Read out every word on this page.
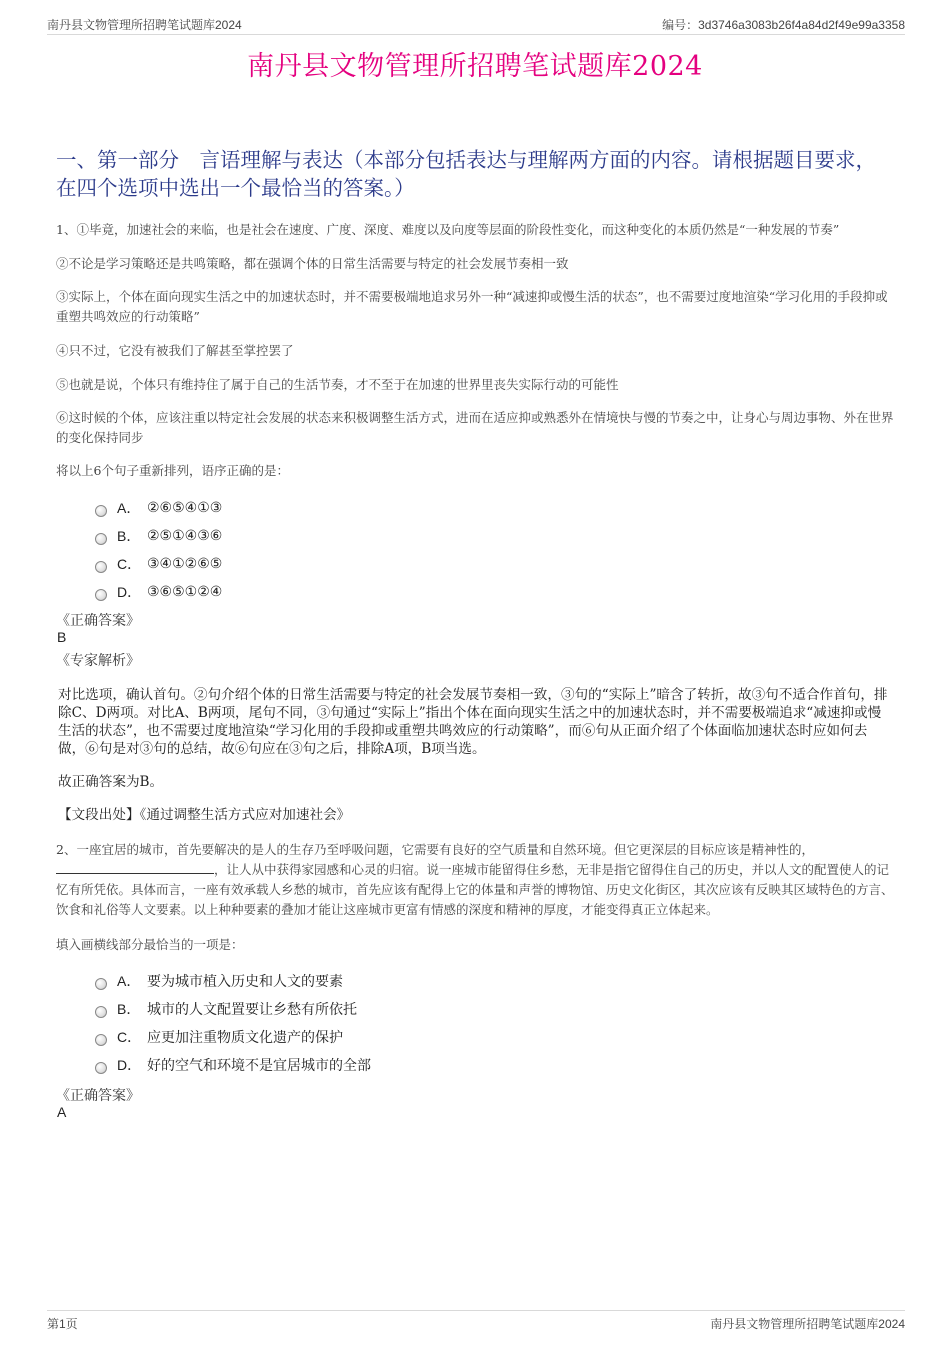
南丹县文物管理所招聘笔试题库2024	编号：3d3746a3083b26f4a84d2f49e99a3358
南丹县文物管理所招聘笔试题库2024
一、第一部分　言语理解与表达（本部分包括表达与理解两方面的内容。请根据题目要求，在四个选项中选出一个最恰当的答案。）
1、①毕竟，加速社会的来临，也是社会在速度、广度、深度、难度以及向度等层面的阶段性变化，而这种变化的本质仍然是“一种发展的节奏”
②不论是学习策略还是共鸣策略，都在强调个体的日常生活需要与特定的社会发展节奏相一致
③实际上，个体在面向现实生活之中的加速状态时，并不需要极端地追求另外一种“减速抑或慢生活的状态”，也不需要过度地渲染“学习化用的手段抑或重塑共鸣效应的行动策略”
④只不过，它没有被我们了解甚至掌控罢了
⑤也就是说，个体只有维持住了属于自己的生活节奏，才不至于在加速的世界里丧失实际行动的可能性
⑥这时候的个体，应该注重以特定社会发展的状态来积极调整生活方式，进而在适应抑或熟悉外在情境快与慢的节奏之中，让身心与周边事物、外在世界的变化保持同步
将以上6个句子重新排列，语序正确的是：
A． ②⑥⑤④①③
B． ②⑤①④③⑥
C． ③④①②⑥⑤
D． ③⑥⑤①②④
《正确答案》
B
《专家解析》
对比选项，确认首句。②句介绍个体的日常生活需要与特定的社会发展节奏相一致，③句的“实际上”暗含了转折，故③句不适合作首句，排除C、D两项。对比A、B两项，尾句不同，③句通过“实际上”指出个体在面向现实生活之中的加速状态时，并不需要极端追求“减速抑或慢生活的状态”，也不需要过度地渲染“学习化用的手段抑或重塑共鸣效应的行动策略”，而⑥句从正面介绍了个体面临加速状态时应如何去做，⑥句是对③句的总结，故⑥句应在③句之后，排除A项，B项当选。
故正确答案为B。
【文段出处】《通过调整生活方式应对加速社会》
2、一座宜居的城市，首先要解决的是人的生存乃至呼吸问题，它需要有良好的空气质量和自然环境。但它更深层的目标应该是精神性的，，让人从中获得家园感和心灵的归宿。说一座城市能留得住乡愁，无非是指它留得住自己的历史，并以人文的配置使人的记忆有所凭依。具体而言，一座有效承载人乡愁的城市，首先应该有配得上它的体量和声誉的博物馆、历史文化街区，其次应该有反映其区域特色的方言、饮食和礼俗等人文要素。以上种种要素的叠加才能让这座城市更富有情感的深度和精神的厚度，才能变得真正立体起来。
填入画横线部分最恰当的一项是：
A． 要为城市植入历史和人文的要素
B． 城市的人文配置要让乡愁有所依托
C． 应更加注重物质文化遗产的保护
D． 好的空气和环境不是宜居城市的全部
《正确答案》
A
第1页	南丹县文物管理所招聘笔试题库2024
